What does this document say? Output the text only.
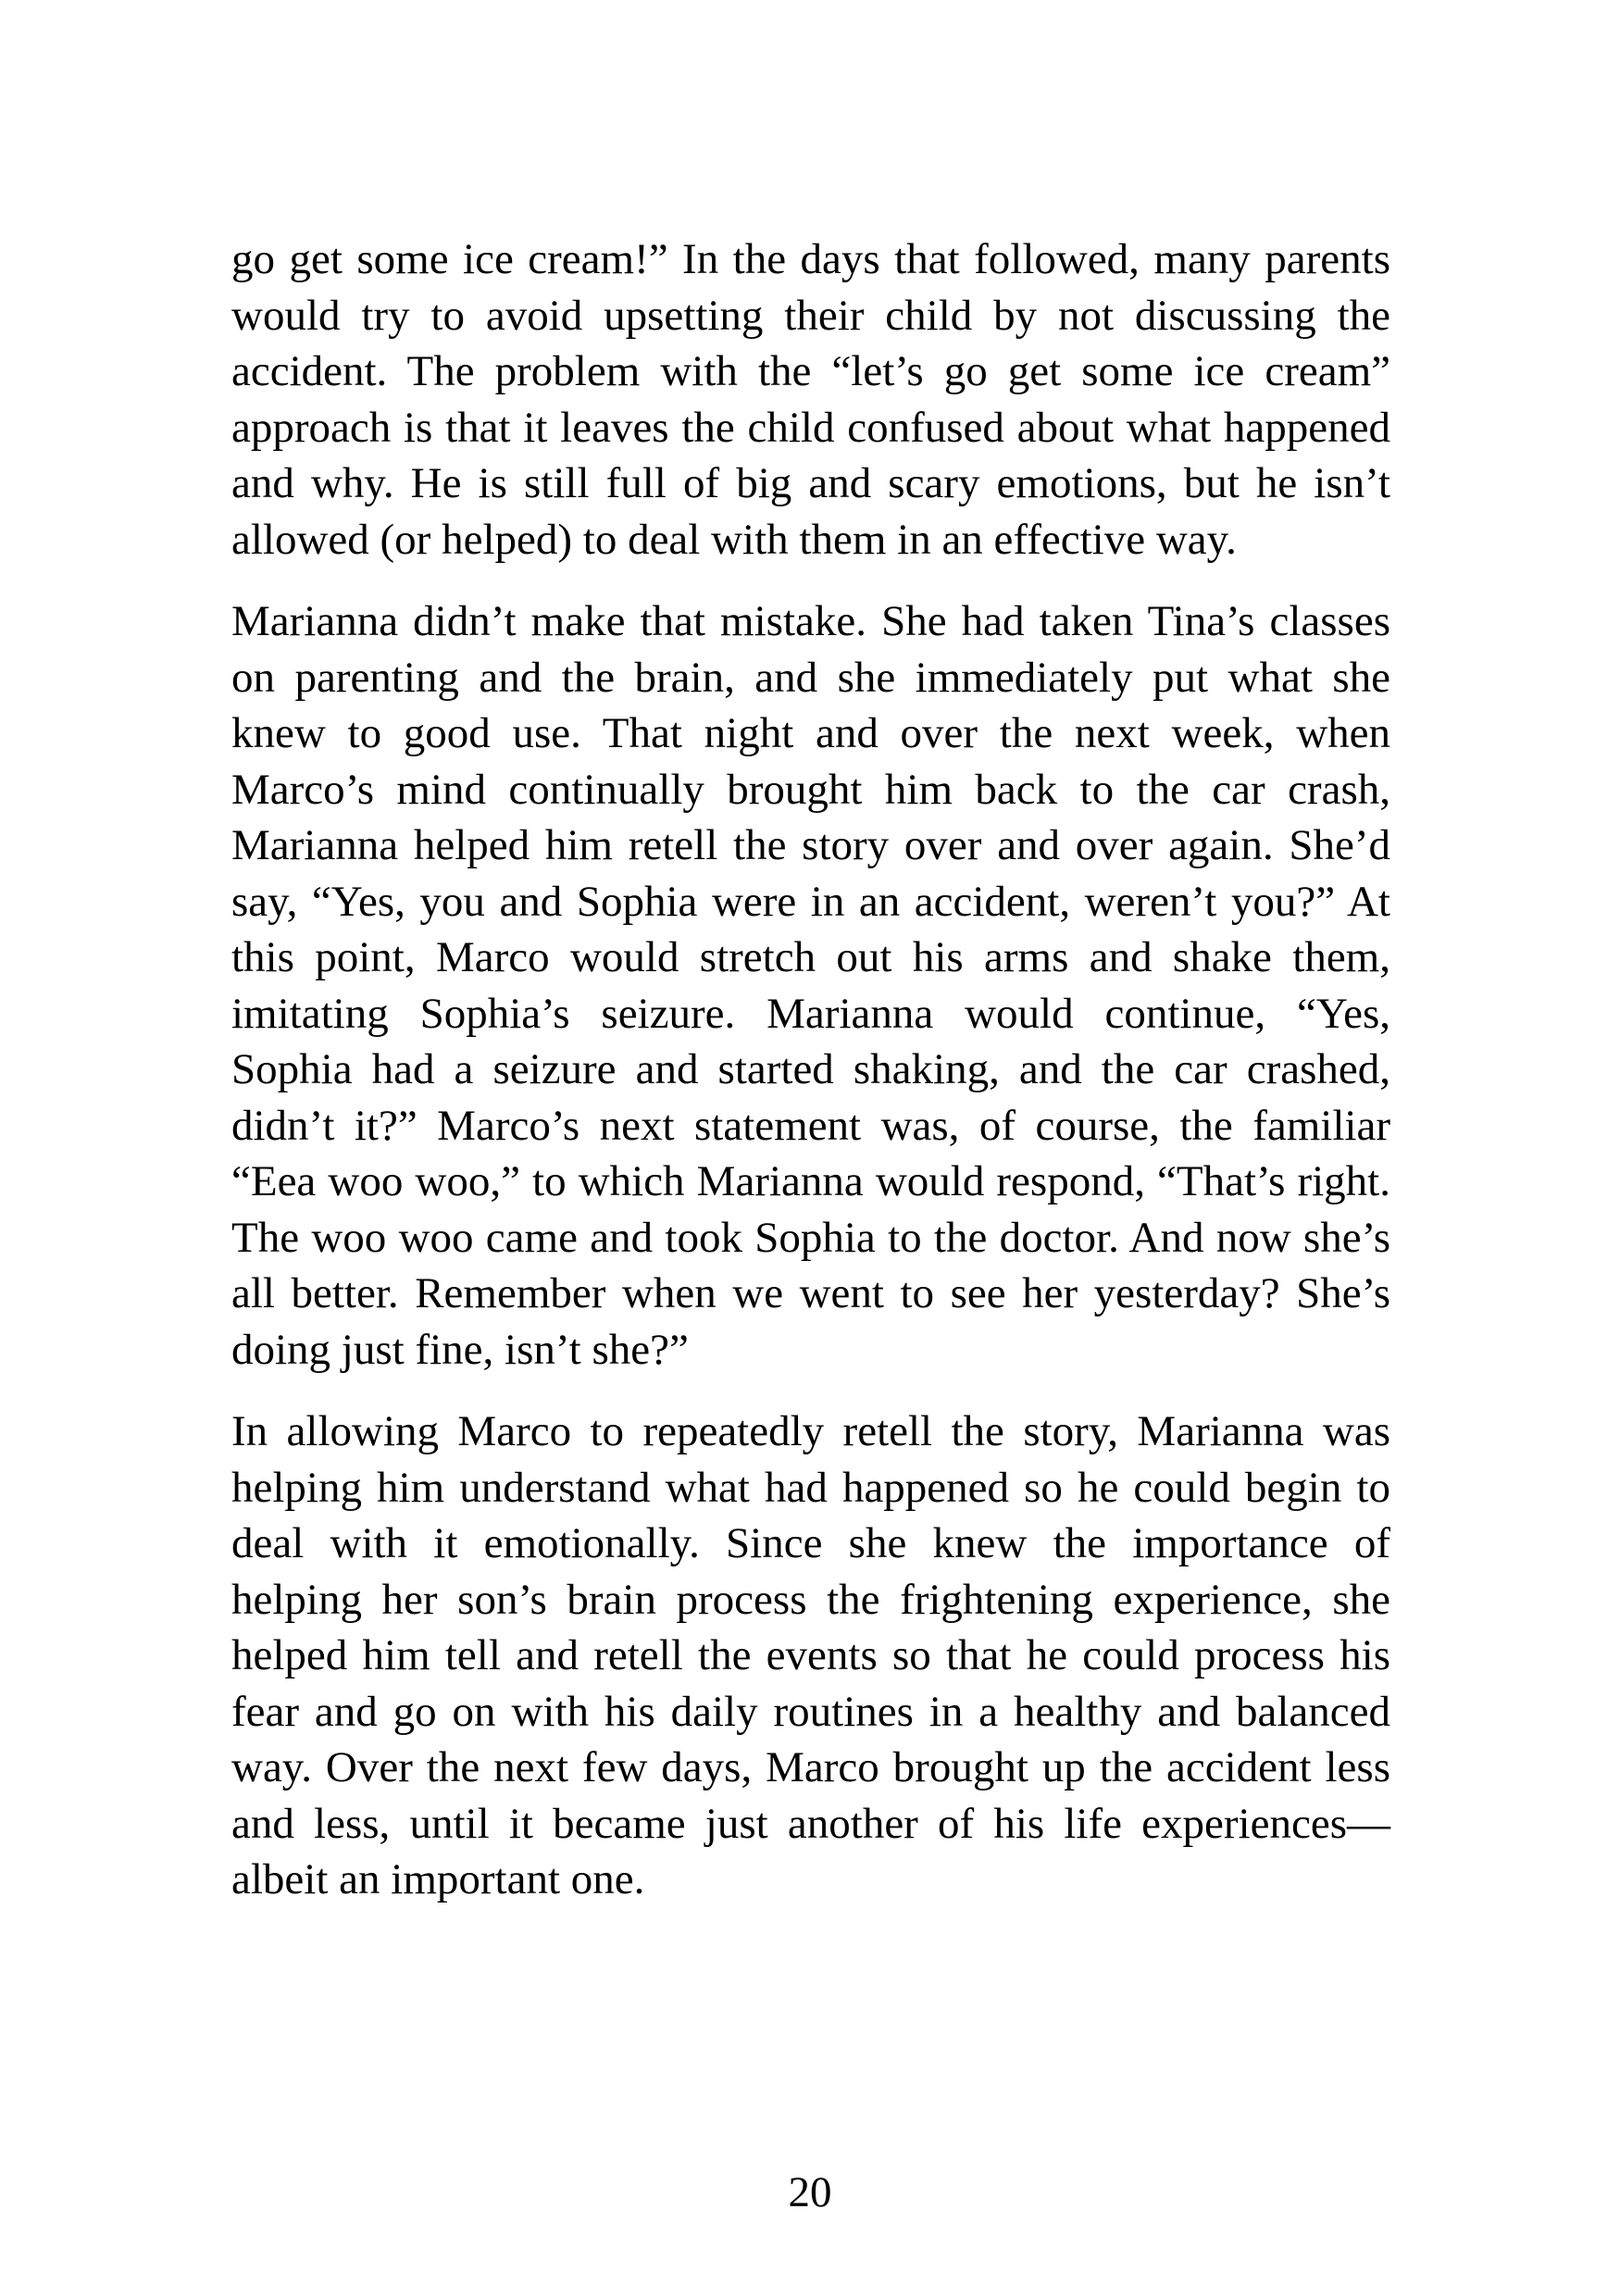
go get some ice cream!” In the days that followed, many parents would try to avoid upsetting their child by not discussing the accident. The problem with the “let’s go get some ice cream” approach is that it leaves the child confused about what happened and why. He is still full of big and scary emotions, but he isn’t allowed (or helped) to deal with them in an effective way.

Marianna didn’t make that mistake. She had taken Tina’s classes on parenting and the brain, and she immediately put what she knew to good use. That night and over the next week, when Marco’s mind continually brought him back to the car crash, Marianna helped him retell the story over and over again. She’d say, “Yes, you and Sophia were in an accident, weren’t you?” At this point, Marco would stretch out his arms and shake them, imitating Sophia’s seizure. Marianna would continue, “Yes, Sophia had a seizure and started shaking, and the car crashed, didn’t it?” Marco’s next statement was, of course, the familiar “Eea woo woo,” to which Marianna would respond, “That’s right. The woo woo came and took Sophia to the doctor. And now she’s all better. Remember when we went to see her yesterday? She’s doing just fine, isn’t she?”

In allowing Marco to repeatedly retell the story, Marianna was helping him understand what had happened so he could begin to deal with it emotionally. Since she knew the importance of helping her son’s brain process the frightening experience, she helped him tell and retell the events so that he could process his fear and go on with his daily routines in a healthy and balanced way. Over the next few days, Marco brought up the accident less and less, until it became just another of his life experiences—albeit an important one.

20
